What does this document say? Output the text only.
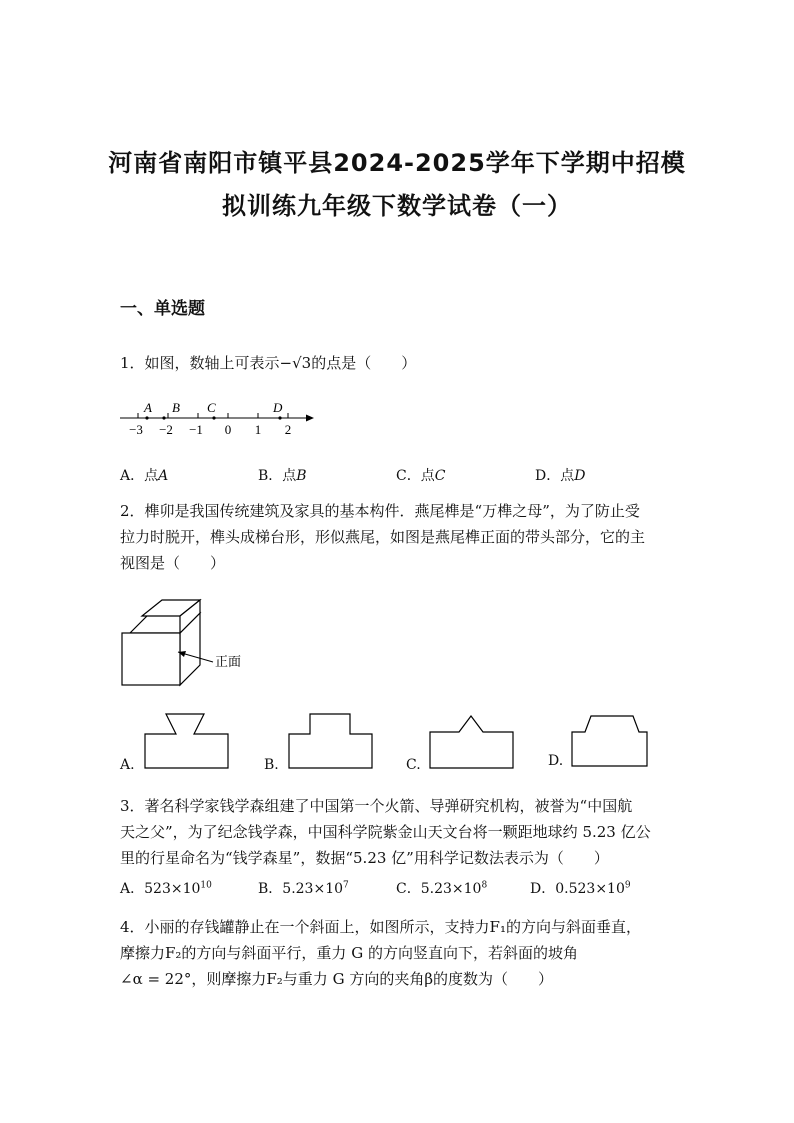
河南省南阳市镇平县2024-2025学年下学期中招模
拟训练九年级下数学试卷（一）
一、单选题
1．如图，数轴上可表示−√3的点是（　　）
A B C	D
−3 −2 −1 0 1 2
A．点A	B．点B	C．点C	D．点D
2．榫卯是我国传统建筑及家具的基本构件．燕尾榫是“万榫之母”，为了防止受
拉力时脱开，榫头成梯台形，形似燕尾，如图是燕尾榫正面的带头部分，它的主
视图是（　　）
正面
A.	B.	C.	D.
3．著名科学家钱学森组建了中国第一个火箭、导弹研究机构，被誉为“中国航
天之父”，为了纪念钱学森，中国科学院紫金山天文台将一颗距地球约 5.23 亿公
里的行星命名为“钱学森星”，数据“5.23 亿”用科学记数法表示为（　　）
A．$523\times 10^{10}$	B．$5.23\times 10^7$	C．$5.23\times 10^8$	D．$0.523\times 10^9$
4．小丽的存钱罐静止在一个斜面上，如图所示，支持力F₁的方向与斜面垂直，
摩擦力F₂的方向与斜面平行，重力 G 的方向竖直向下，若斜面的坡角
∠α = 22°，则摩擦力F₂与重力 G 方向的夹角β的度数为（　　）
